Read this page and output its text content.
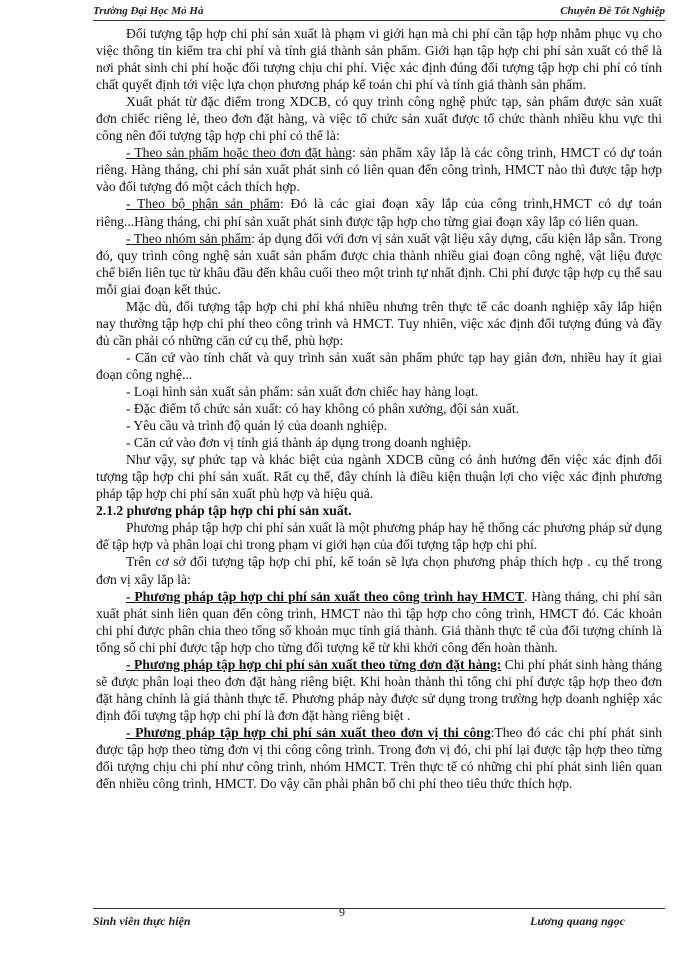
Trường Đại Học Mỏ Hà	Chuyên Đề Tốt Nghiệp

Đối tượng tập hợp chi phí sản xuất là phạm vi giới hạn mà chi phí cần tập hợp nhằm phục vụ cho việc thông tin kiểm tra chi phí và tính giá thành sản phẩm. Giới hạn tập hợp chi phí sản xuất có thể là nơi phát sinh chi phí hoặc đối tượng chịu chi phí. Việc xác định đúng đối tượng tập hợp chi phí có tính chất quyết định tới việc lựa chọn phương pháp kế toán chi phí và tính giá thành sản phẩm.

Xuất phát từ đặc điểm trong XDCB, có quy trình công nghệ phức tạp, sản phẩm được sản xuất đơn chiếc riêng lẻ, theo đơn đặt hàng, và việc tổ chức sản xuất được tổ chức thành nhiều khu vực thi công nên đối tượng tập hợp chi phí có thể là:

- Theo sản phẩm hoặc theo đơn đặt hàng: sản phẩm xây lắp là các công trình, HMCT có dự toán riêng. Hàng tháng, chi phí sản xuất phát sinh có liên quan đến công trình, HMCT nào thì được tập hợp vào đối tượng đó một cách thích hợp.

- Theo bộ phận sản phẩm: Đó là các giai đoạn xây lắp của công trình,HMCT có dự toán riêng...Hàng tháng, chi phí sản xuất phát sinh được tập hợp cho từng giai đoạn xây lắp có liên quan.

- Theo nhóm sản phẩm: áp dụng đối với đơn vị sản xuất vật liệu xây dựng, cấu kiện lắp sẵn. Trong đó, quy trình công nghệ sản xuất sản phẩm được chia thành nhiều giai đoạn công nghệ, vật liệu được chế biến liên tục từ khâu đầu đến khâu cuối theo một trình tự nhất định. Chi phí được tập hợp cụ thể sau mỗi giai đoạn kết thúc.

Mặc dù, đối tượng tập hợp chi phí khá nhiều nhưng trên thực tế các doanh nghiệp xây lắp hiện nay thường tập hợp chi phí theo công trình và HMCT. Tuy nhiên, việc xác định đối tượng đúng và đầy đủ cần phải có những căn cứ cụ thể, phù hợp:

- Căn cứ vào tính chất và quy trình sản xuất sản phẩm phức tạp hay giản đơn, nhiều hay ít giai đoạn công nghệ...

- Loại hình sản xuất sản phẩm: sản xuất đơn chiếc hay hàng loạt.

- Đặc điểm tổ chức sản xuất: có hay không có phân xưởng, đội sản xuất.

- Yêu cầu và trình độ quản lý của doanh nghiệp.

- Căn cứ vào đơn vị tính giá thành áp dụng trong doanh nghiệp.

Như vậy, sự phức tạp và khác biệt của ngành XDCB cũng có ảnh hưởng đến việc xác định đối tượng tập hợp chi phí sản xuất. Rất cụ thể, đây chính là điều kiện thuận lợi cho việc xác định phương pháp tập hợp chi phí sản xuất phù hợp và hiệu quả.

2.1.2 phương pháp tập hợp chi phí sản xuất.

Phương pháp tập hợp chi phí sản xuất là một phương pháp hay hệ thống các phương pháp sử dụng để tập hợp và phân loại chi trong phạm vi giới hạn của đối tượng tập hợp chi phí.

Trên cơ sở đối tượng tập hợp chi phí, kế toán sẽ lựa chọn phương pháp thích hợp . cụ thể trong đơn vị xây lắp là:

- Phương pháp tập hợp chi phí sản xuất theo công trình hay HMCT. Hàng tháng, chi phí sản xuất phát sinh liên quan đến công trình, HMCT nào thì tập hợp cho công trình, HMCT đó. Các khoản chi phí được phân chia theo tổng số khoản mục tính giá thành. Giá thành thực tế của đối tượng chính là tổng số chi phí được tập hợp cho từng đối tượng kể từ khi khởi công đến hoàn thành.

- Phương pháp tập hợp chi phí sản xuất theo từng đơn đặt hàng: Chi phí phát sinh hàng tháng sẽ được phân loại theo đơn đặt hàng riêng biệt. Khi hoàn thành thì tổng chi phí được tập hợp theo đơn đặt hàng chính là giá thành thực tế. Phương pháp này được sử dụng trong trường hợp doanh nghiệp xác định đối tượng tập hợp chi phí là đơn đặt hàng riêng biệt .

- Phương pháp tập hợp chi phí sản xuất theo đơn vị thi công:Theo đó các chi phí phát sinh được tập hợp theo từng đơn vị thi công công trình. Trong đơn vị đó, chi phí lại được tập hợp theo từng đối tượng chịu chi phí như công trình, nhóm HMCT. Trên thực tế có những chi phí phát sinh liên quan đến nhiều công trình, HMCT. Do vậy cần phải phân bổ chi phí theo tiêu thức thích hợp.

Sinh viên thực hiện
9
Lương quang ngọc
